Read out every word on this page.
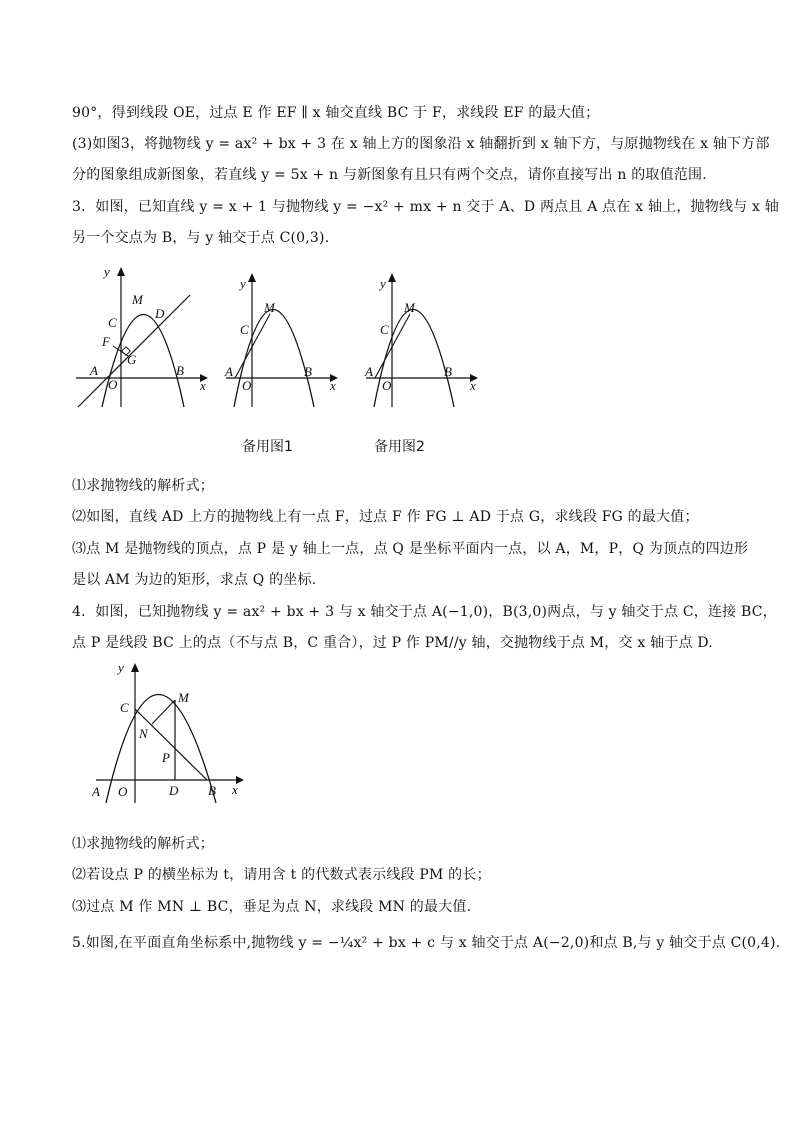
90°，得到线段 OE，过点 E 作 EF ∥ x 轴交直线 BC 于 F，求线段 EF 的最大值；
(3)如图3，将抛物线 y = ax² + bx + 3 在 x 轴上方的图象沿 x 轴翻折到 x 轴下方，与原抛物线在 x 轴下方部
分的图象组成新图象，若直线 y = 5x + n 与新图象有且只有两个交点，请你直接写出 n 的取值范围.
3．如图，已知直线 y = x + 1 与抛物线 y = −x² + mx + n 交于 A、D 两点且 A 点在 x 轴上，抛物线与 x 轴
另一个交点为 B，与 y 轴交于点 C(0,3).
y
x
O
A	B
C
D
M
F
G
y
x
O
A	B
C
M
备用图1
y
x
O
A	B
C
M
备用图2
⑴求抛物线的解析式；
⑵如图，直线 AD 上方的抛物线上有一点 F，过点 F 作 FG ⊥ AD 于点 G，求线段 FG 的最大值；
⑶点 M 是抛物线的顶点，点 P 是 y 轴上一点，点 Q 是坐标平面内一点，以 A，M，P，Q 为顶点的四边形
是以 AM 为边的矩形，求点 Q 的坐标.
4．如图，已知抛物线 y = ax² + bx + 3 与 x 轴交于点 A(−1,0)，B(3,0)两点，与 y 轴交于点 C，连接 BC，
点 P 是线段 BC 上的点（不与点 B，C 重合），过 P 作 PM//y 轴，交抛物线于点 M，交 x 轴于点 D.
y
x
O
A	B
C
M
N
P
D
⑴求抛物线的解析式；
⑵若设点 P 的横坐标为 t，请用含 t 的代数式表示线段 PM 的长；
⑶过点 M 作 MN ⊥ BC，垂足为点 N，求线段 MN 的最大值.
5.如图,在平面直角坐标系中,抛物线 y = −¼x² + bx + c 与 x 轴交于点 A(−2,0)和点 B,与 y 轴交于点 C(0,4).
